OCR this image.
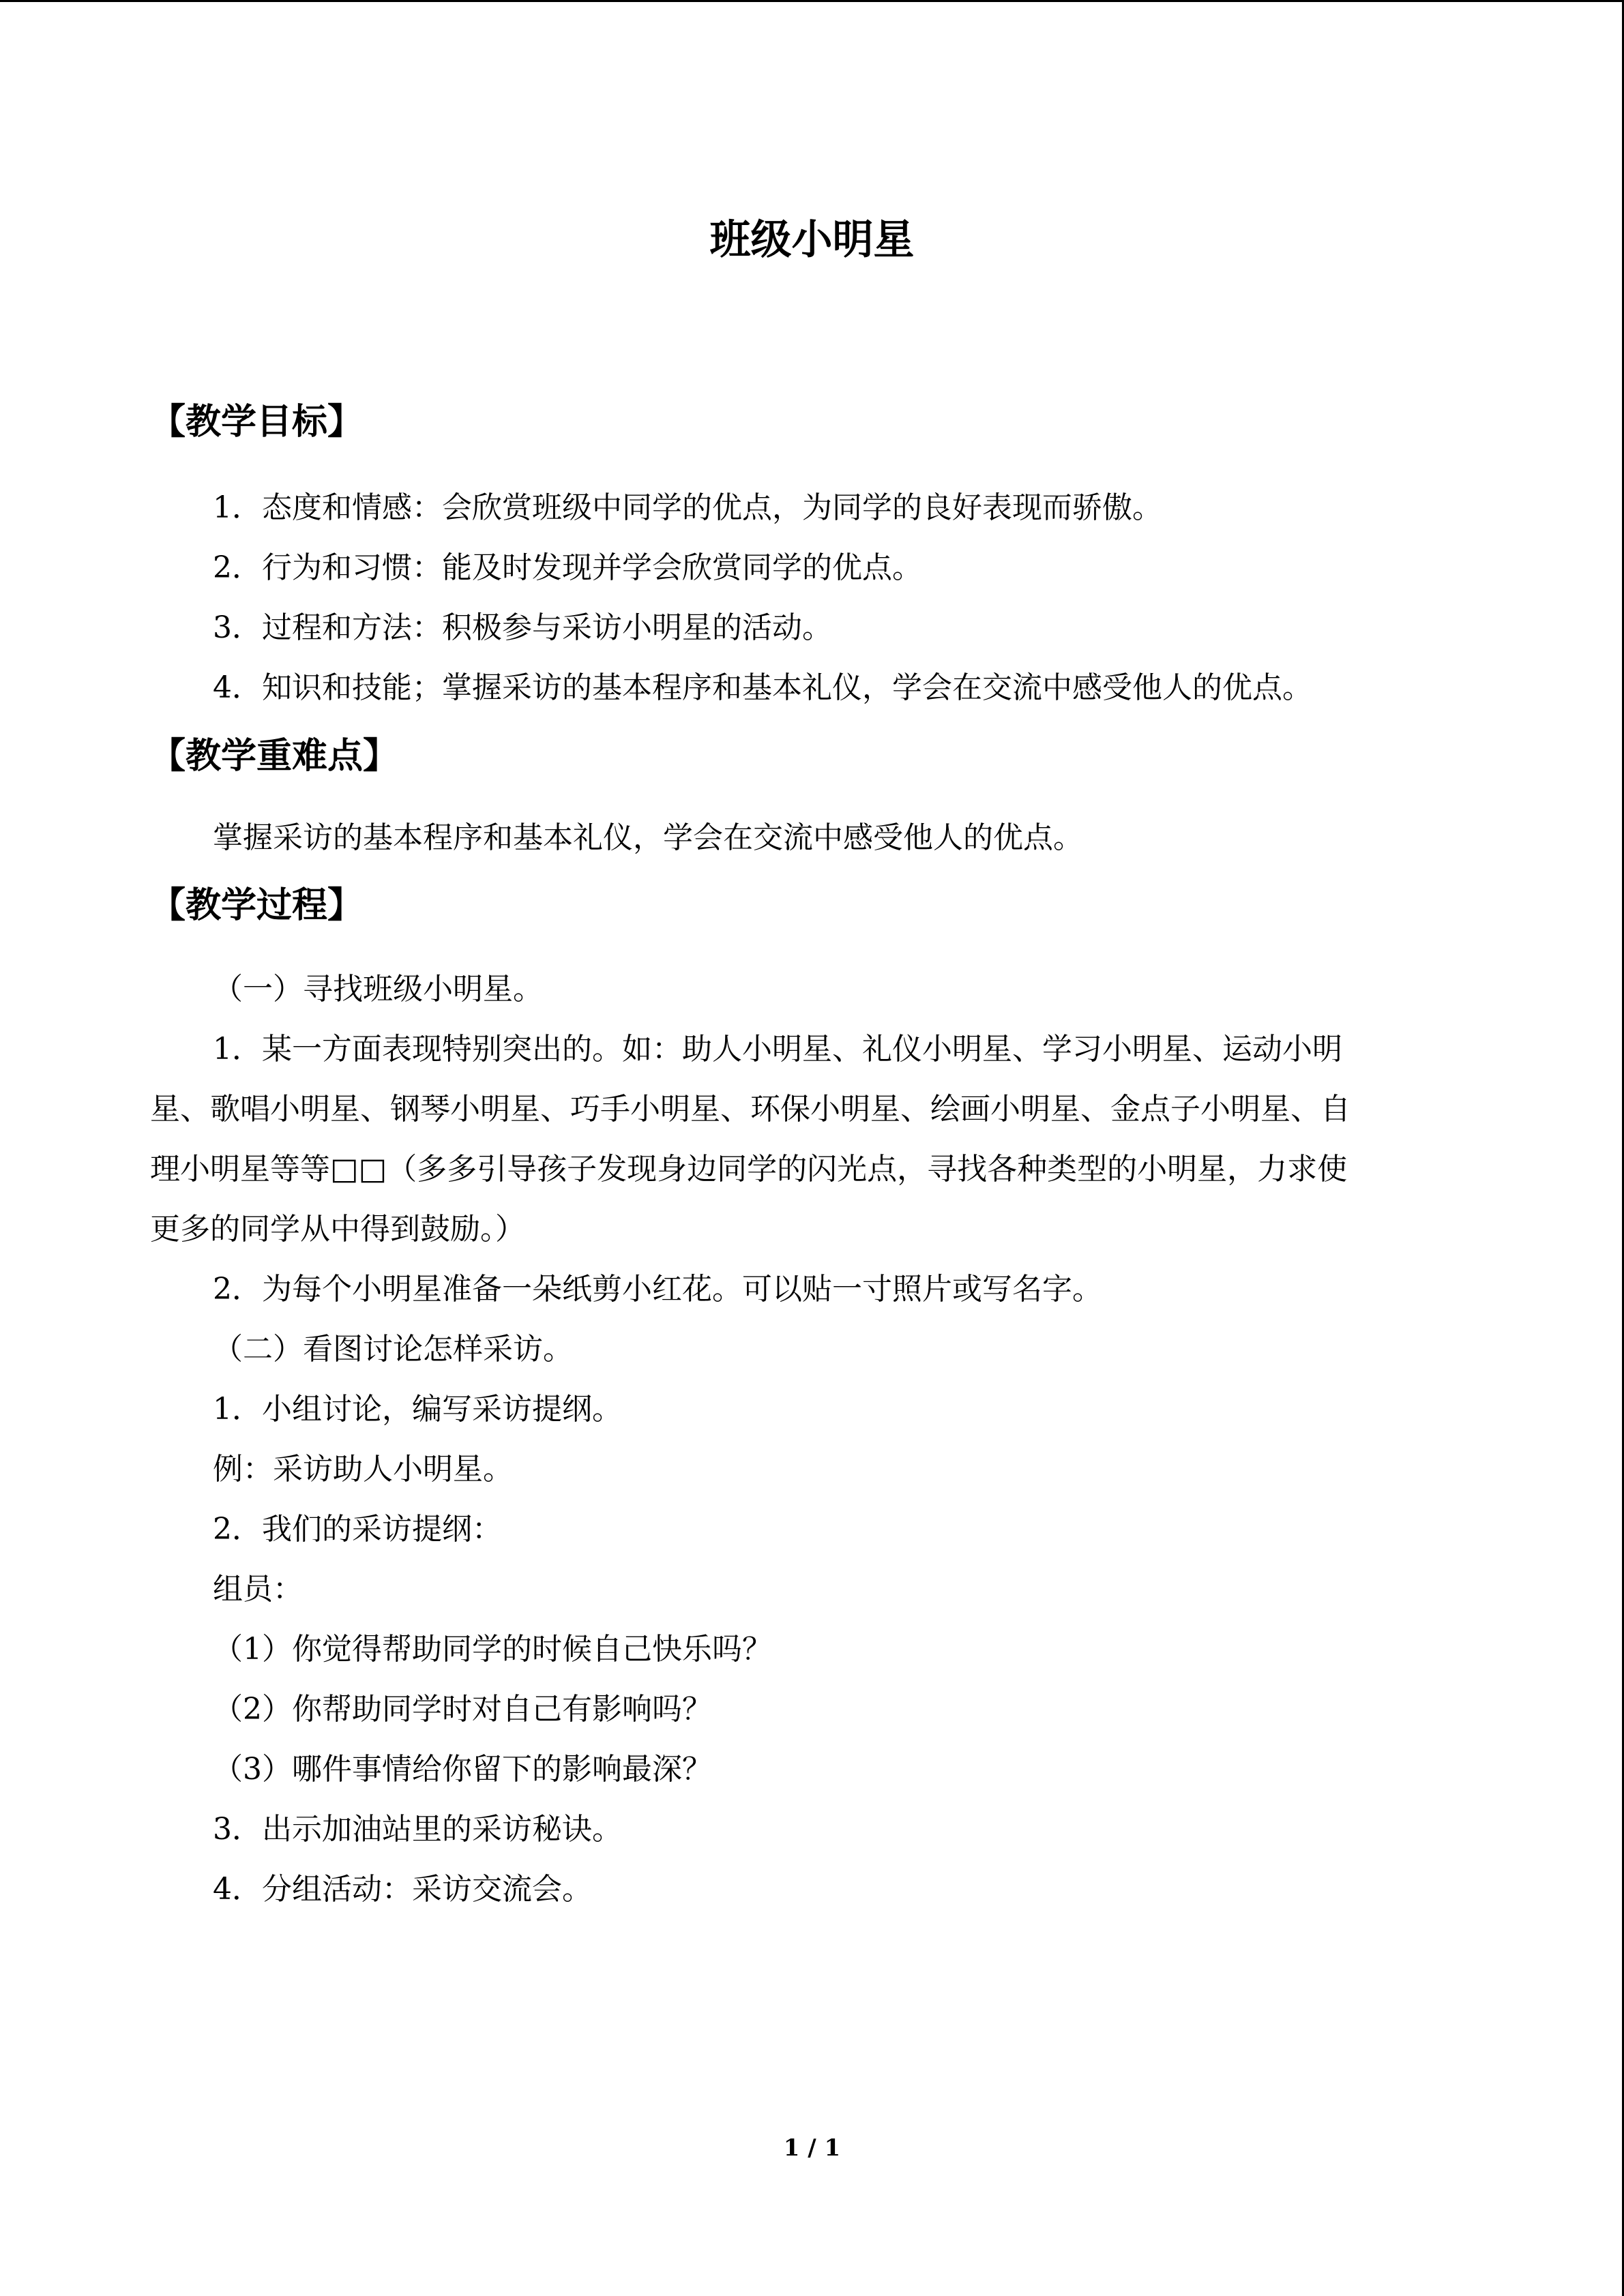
班级小明星
【教学目标】
1．态度和情感：会欣赏班级中同学的优点，为同学的良好表现而骄傲。
2．行为和习惯：能及时发现并学会欣赏同学的优点。
3．过程和方法：积极参与采访小明星的活动。
4．知识和技能；掌握采访的基本程序和基本礼仪，学会在交流中感受他人的优点。
【教学重难点】
掌握采访的基本程序和基本礼仪，学会在交流中感受他人的优点。
【教学过程】
（一）寻找班级小明星。
1．某一方面表现特别突出的。如：助人小明星、礼仪小明星、学习小明星、运动小明
星、歌唱小明星、钢琴小明星、巧手小明星、环保小明星、绘画小明星、金点子小明星、自
理小明星等等□□（多多引导孩子发现身边同学的闪光点，寻找各种类型的小明星，力求使
更多的同学从中得到鼓励。）
2．为每个小明星准备一朵纸剪小红花。可以贴一寸照片或写名字。
（二）看图讨论怎样采访。
1．小组讨论，编写采访提纲。
例：采访助人小明星。
2．我们的采访提纲：
组员：
（1）你觉得帮助同学的时候自己快乐吗？
（2）你帮助同学时对自己有影响吗？
（3）哪件事情给你留下的影响最深？
3．出示加油站里的采访秘诀。
4．分组活动：采访交流会。
1 / 1
